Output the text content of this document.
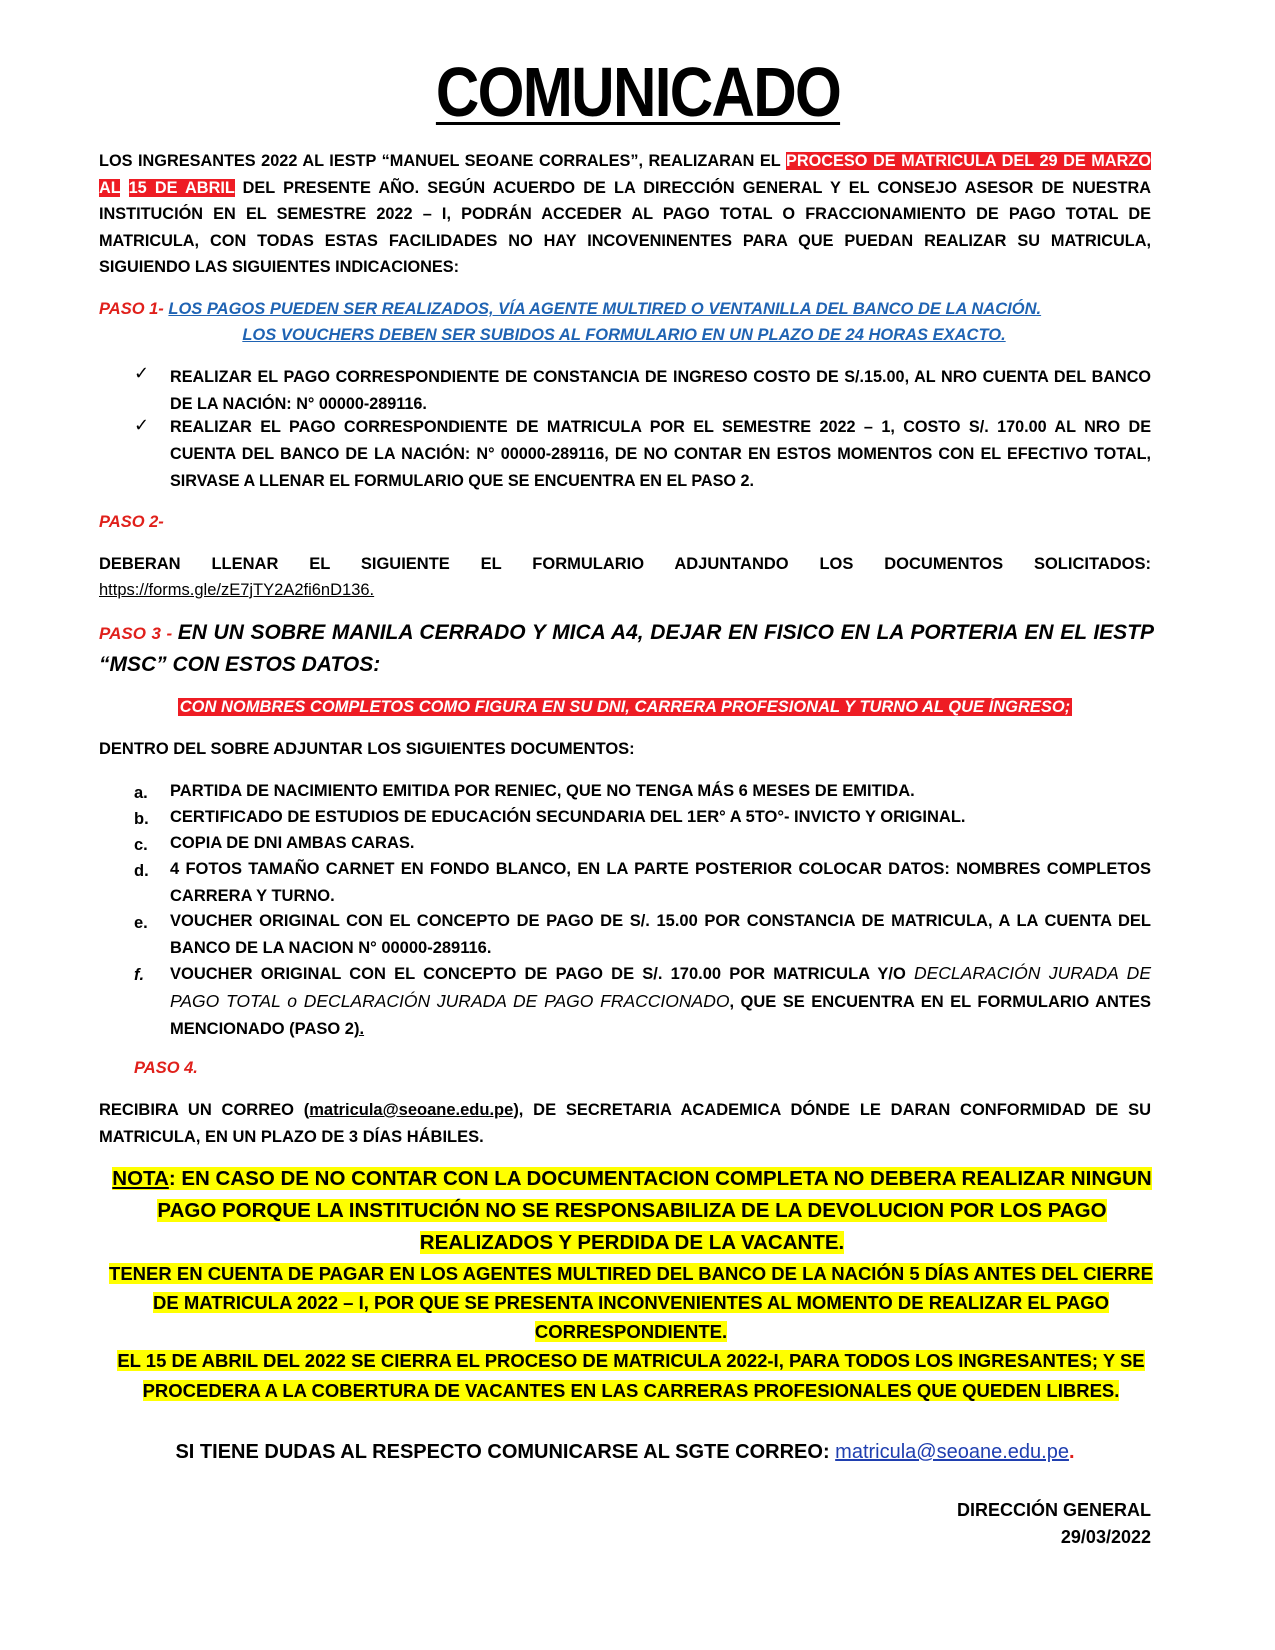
COMUNICADO
LOS INGRESANTES 2022 AL IESTP “MANUEL SEOANE CORRALES”, REALIZARAN EL PROCESO DE MATRICULA DEL 29 DE MARZO AL 15 DE ABRIL DEL PRESENTE AÑO. SEGÚN ACUERDO DE LA DIRECCIÓN GENERAL Y EL CONSEJO ASESOR DE NUESTRA INSTITUCIÓN EN EL SEMESTRE 2022 – I, PODRÁN ACCEDER AL PAGO TOTAL O FRACCIONAMIENTO DE PAGO TOTAL DE MATRICULA, CON TODAS ESTAS FACILIDADES NO HAY INCOVENINENTES PARA QUE PUEDAN REALIZAR SU MATRICULA, SIGUIENDO LAS SIGUIENTES INDICACIONES:
PASO 1- LOS PAGOS PUEDEN SER REALIZADOS, VÍA AGENTE MULTIRED O VENTANILLA DEL BANCO DE LA NACIÓN.
LOS VOUCHERS DEBEN SER SUBIDOS AL FORMULARIO EN UN PLAZO DE 24 HORAS EXACTO.
✓ REALIZAR EL PAGO CORRESPONDIENTE DE CONSTANCIA DE INGRESO COSTO DE S/.15.00, AL NRO CUENTA DEL BANCO DE LA NACIÓN: N° 00000-289116.
✓ REALIZAR EL PAGO CORRESPONDIENTE DE MATRICULA POR EL SEMESTRE 2022 – 1, COSTO S/. 170.00 AL NRO DE CUENTA DEL BANCO DE LA NACIÓN: N° 00000-289116, DE NO CONTAR EN ESTOS MOMENTOS CON EL EFECTIVO TOTAL, SIRVASE A LLENAR EL FORMULARIO QUE SE ENCUENTRA EN EL PASO 2.
PASO 2-
DEBERAN LLENAR EL SIGUIENTE EL FORMULARIO ADJUNTANDO LOS DOCUMENTOS SOLICITADOS:
https://forms.gle/zE7jTY2A2fi6nD136.
PASO 3 - EN UN SOBRE MANILA CERRADO Y MICA A4, DEJAR EN FISICO EN LA PORTERIA EN EL IESTP “MSC” CON ESTOS DATOS:
CON NOMBRES COMPLETOS COMO FIGURA EN SU DNI, CARRERA PROFESIONAL Y TURNO AL QUE ÍNGRESO;
DENTRO DEL SOBRE ADJUNTAR LOS SIGUIENTES DOCUMENTOS:
a. PARTIDA DE NACIMIENTO EMITIDA POR RENIEC, QUE NO TENGA MÁS 6 MESES DE EMITIDA.
b. CERTIFICADO DE ESTUDIOS DE EDUCACIÓN SECUNDARIA DEL 1ER° A 5TO°- INVICTO Y ORIGINAL.
c. COPIA DE DNI AMBAS CARAS.
d. 4 FOTOS TAMAÑO CARNET EN FONDO BLANCO, EN LA PARTE POSTERIOR COLOCAR DATOS: NOMBRES COMPLETOS CARRERA Y TURNO.
e. VOUCHER ORIGINAL CON EL CONCEPTO DE PAGO DE S/. 15.00 POR CONSTANCIA DE MATRICULA, A LA CUENTA DEL BANCO DE LA NACION N° 00000-289116.
f. VOUCHER ORIGINAL CON EL CONCEPTO DE PAGO DE S/. 170.00 POR MATRICULA Y/O DECLARACIÓN JURADA DE PAGO TOTAL o DECLARACIÓN JURADA DE PAGO FRACCIONADO, QUE SE ENCUENTRA EN EL FORMULARIO ANTES MENCIONADO (PASO 2).
PASO 4.
RECIBIRA UN CORREO (matricula@seoane.edu.pe), DE SECRETARIA ACADEMICA DÓNDE LE DARAN CONFORMIDAD DE SU MATRICULA, EN UN PLAZO DE 3 DÍAS HÁBILES.
NOTA: EN CASO DE NO CONTAR CON LA DOCUMENTACION COMPLETA NO DEBERA REALIZAR NINGUN PAGO PORQUE LA INSTITUCIÓN NO SE RESPONSABILIZA DE LA DEVOLUCION POR LOS PAGO REALIZADOS Y PERDIDA DE LA VACANTE.
TENER EN CUENTA DE PAGAR EN LOS AGENTES MULTIRED DEL BANCO DE LA NACIÓN 5 DÍAS ANTES DEL CIERRE DE MATRICULA 2022 – I, POR QUE SE PRESENTA INCONVENIENTES AL MOMENTO DE REALIZAR EL PAGO CORRESPONDIENTE.
EL 15 DE ABRIL DEL 2022 SE CIERRA EL PROCESO DE MATRICULA 2022-I, PARA TODOS LOS INGRESANTES; Y SE PROCEDERA A LA COBERTURA DE VACANTES EN LAS CARRERAS PROFESIONALES QUE QUEDEN LIBRES.
SI TIENE DUDAS AL RESPECTO COMUNICARSE AL SGTE CORREO: matricula@seoane.edu.pe.
DIRECCIÓN GENERAL
29/03/2022
